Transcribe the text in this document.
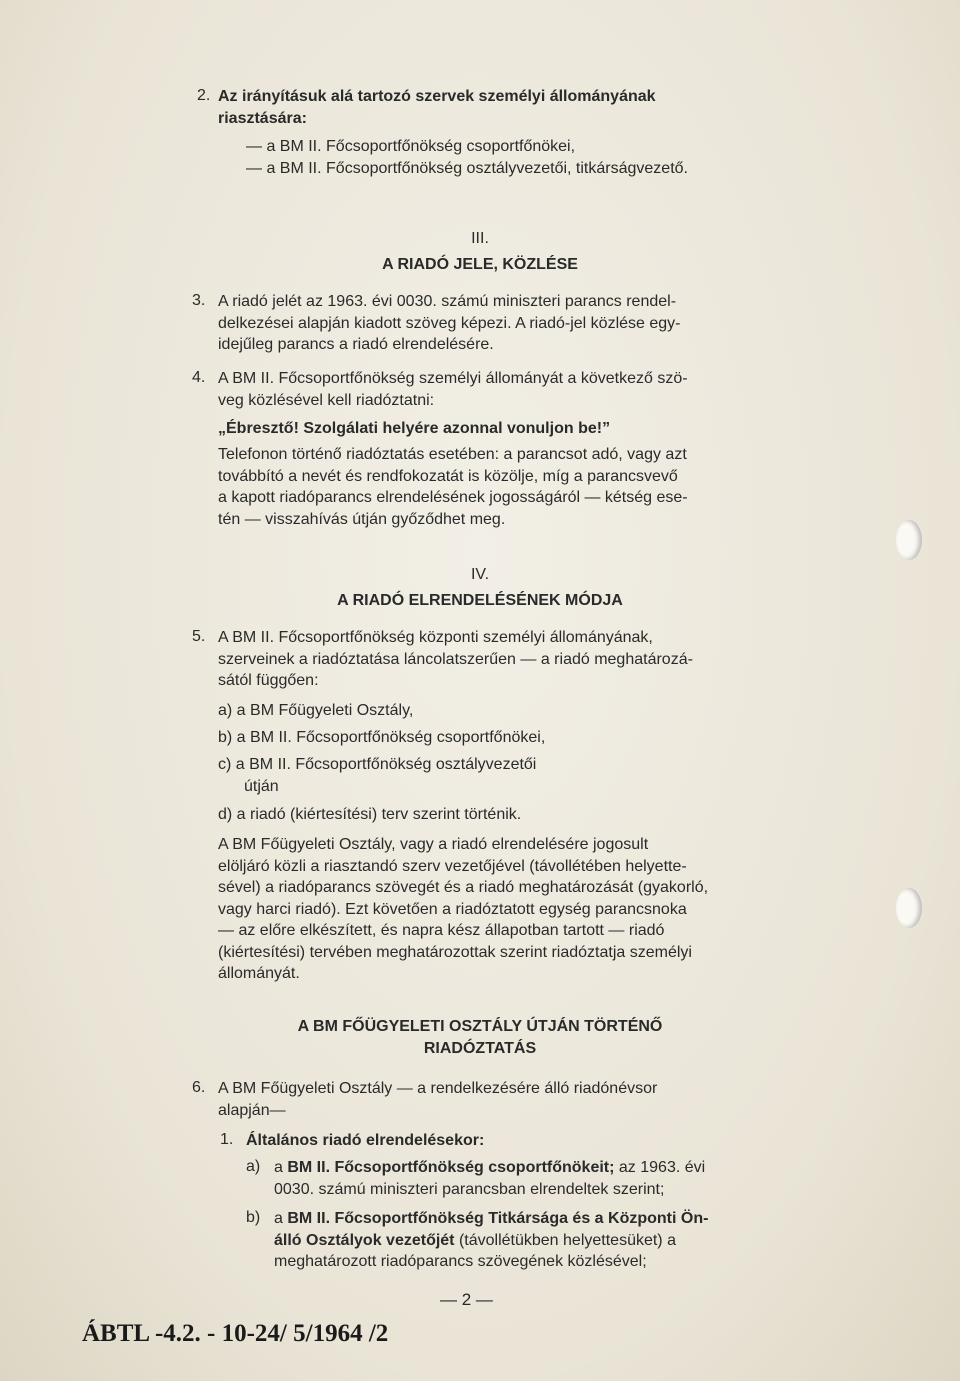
2. Az irányításuk alá tartozó szervek személyi állományának
riasztására:
— a BM II. Főcsoportfőnökség csoportfőnökei,
— a BM II. Főcsoportfőnökség osztályvezetői, titkárságvezető.
III.
A RIADÓ JELE, KÖZLÉSE
3. A riadó jelét az 1963. évi 0030. számú miniszteri parancs rendel-
delkezései alapján kiadott szöveg képezi. A riadó-jel közlése egy-
idejűleg parancs a riadó elrendelésére.
4. A BM II. Főcsoportfőnökség személyi állományát a következő szö-
veg közlésével kell riadóztatni:
„Ébresztő! Szolgálati helyére azonnal vonuljon be!”
Telefonon történő riadóztatás esetében: a parancsot adó, vagy azt
továbbító a nevét és rendfokozatát is közölje, míg a parancsvevő
a kapott riadóparancs elrendelésének jogosságáról — kétség ese-
tén — visszahívás útján győződhet meg.
IV.
A RIADÓ ELRENDELÉSÉNEK MÓDJA
5. A BM II. Főcsoportfőnökség központi személyi állományának,
szerveinek a riadóztatása láncolatszerűen — a riadó meghatározá-
sától függően:
a) a BM Főügyeleti Osztály,
b) a BM II. Főcsoportfőnökség csoportfőnökei,
c) a BM II. Főcsoportfőnökség osztályvezetői
útján
d) a riadó (kiértesítési) terv szerint történik.
A BM Főügyeleti Osztály, vagy a riadó elrendelésére jogosult
elöljáró közli a riasztandó szerv vezetőjével (távollétében helyette-
sével) a riadóparancs szövegét és a riadó meghatározását (gyakorló,
vagy harci riadó). Ezt követően a riadóztatott egység parancsnoka
— az előre elkészített, és napra kész állapotban tartott — riadó
(kiértesítési) tervében meghatározottak szerint riadóztatja személyi
állományát.
A BM FŐÜGYELETI OSZTÁLY ÚTJÁN TÖRTÉNŐ
RIADÓZTATÁS
6. A BM Főügyeleti Osztály — a rendelkezésére álló riadónévsor
alapján—
1. Általános riadó elrendelésekor:
a) a BM II. Főcsoportfőnökség csoportfőnökeit; az 1963. évi
0030. számú miniszteri parancsban elrendeltek szerint;
b) a BM II. Főcsoportfőnökség Titkársága és a Központi Ön-
álló Osztályok vezetőjét (távollétükben helyettesüket) a
meghatározott riadóparancs szövegének közlésével;
— 2 —
ÁBTL -4.2. - 10-24/ 5/1964 /2
